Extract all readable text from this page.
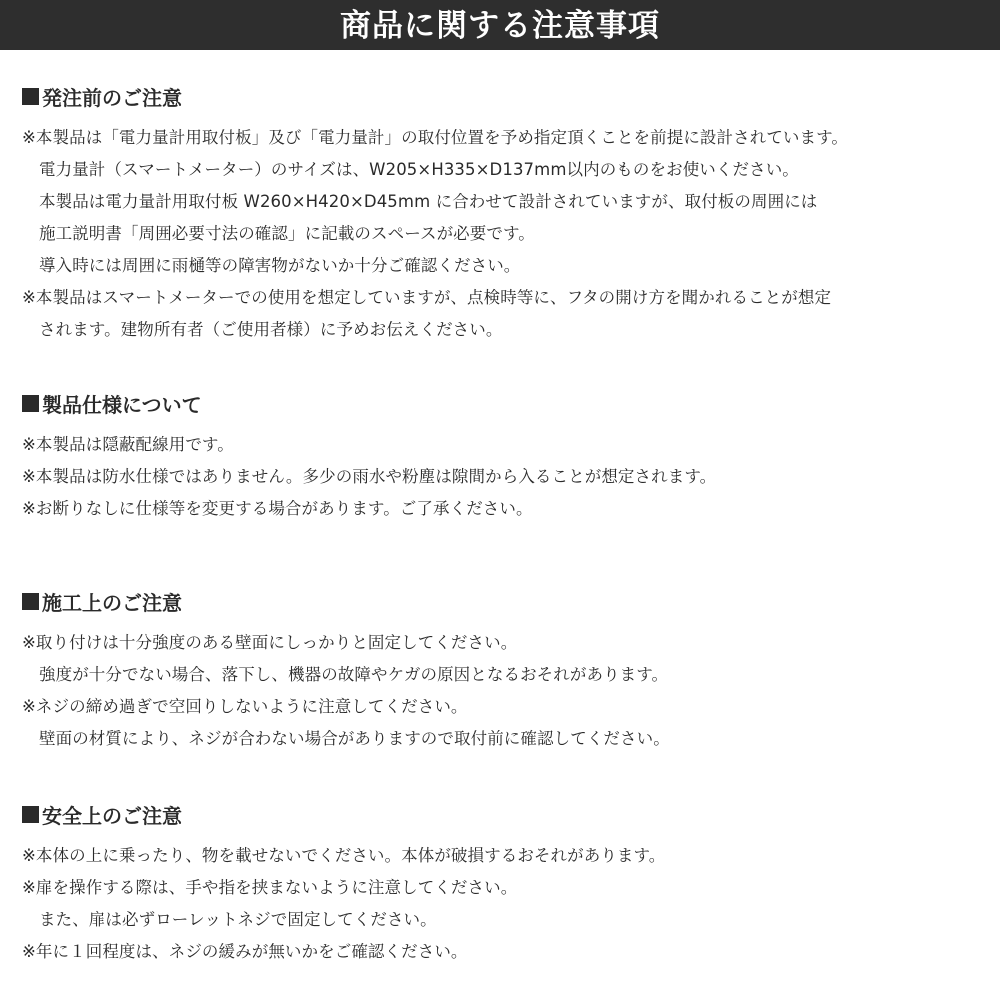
商品に関する注意事項
発注前のご注意
※本製品は「電力量計用取付板」及び「電力量計」の取付位置を予め指定頂くことを前提に設計されています。
電力量計（スマートメーター）のサイズは、W205×H335×D137mm以内のものをお使いください。
本製品は電力量計用取付板 W260×H420×D45mm に合わせて設計されていますが、取付板の周囲には
施工説明書「周囲必要寸法の確認」に記載のスペースが必要です。
導入時には周囲に雨樋等の障害物がないか十分ご確認ください。
※本製品はスマートメーターでの使用を想定していますが、点検時等に、フタの開け方を聞かれることが想定
されます。建物所有者（ご使用者様）に予めお伝えください。
製品仕様について
※本製品は隠蔽配線用です。
※本製品は防水仕様ではありません。多少の雨水や粉塵は隙間から入ることが想定されます。
※お断りなしに仕様等を変更する場合があります。ご了承ください。
施工上のご注意
※取り付けは十分強度のある壁面にしっかりと固定してください。
強度が十分でない場合、落下し、機器の故障やケガの原因となるおそれがあります。
※ネジの締め過ぎで空回りしないように注意してください。
壁面の材質により、ネジが合わない場合がありますので取付前に確認してください。
安全上のご注意
※本体の上に乗ったり、物を載せないでください。本体が破損するおそれがあります。
※扉を操作する際は、手や指を挟まないように注意してください。
また、扉は必ずローレットネジで固定してください。
※年に１回程度は、ネジの緩みが無いかをご確認ください。
